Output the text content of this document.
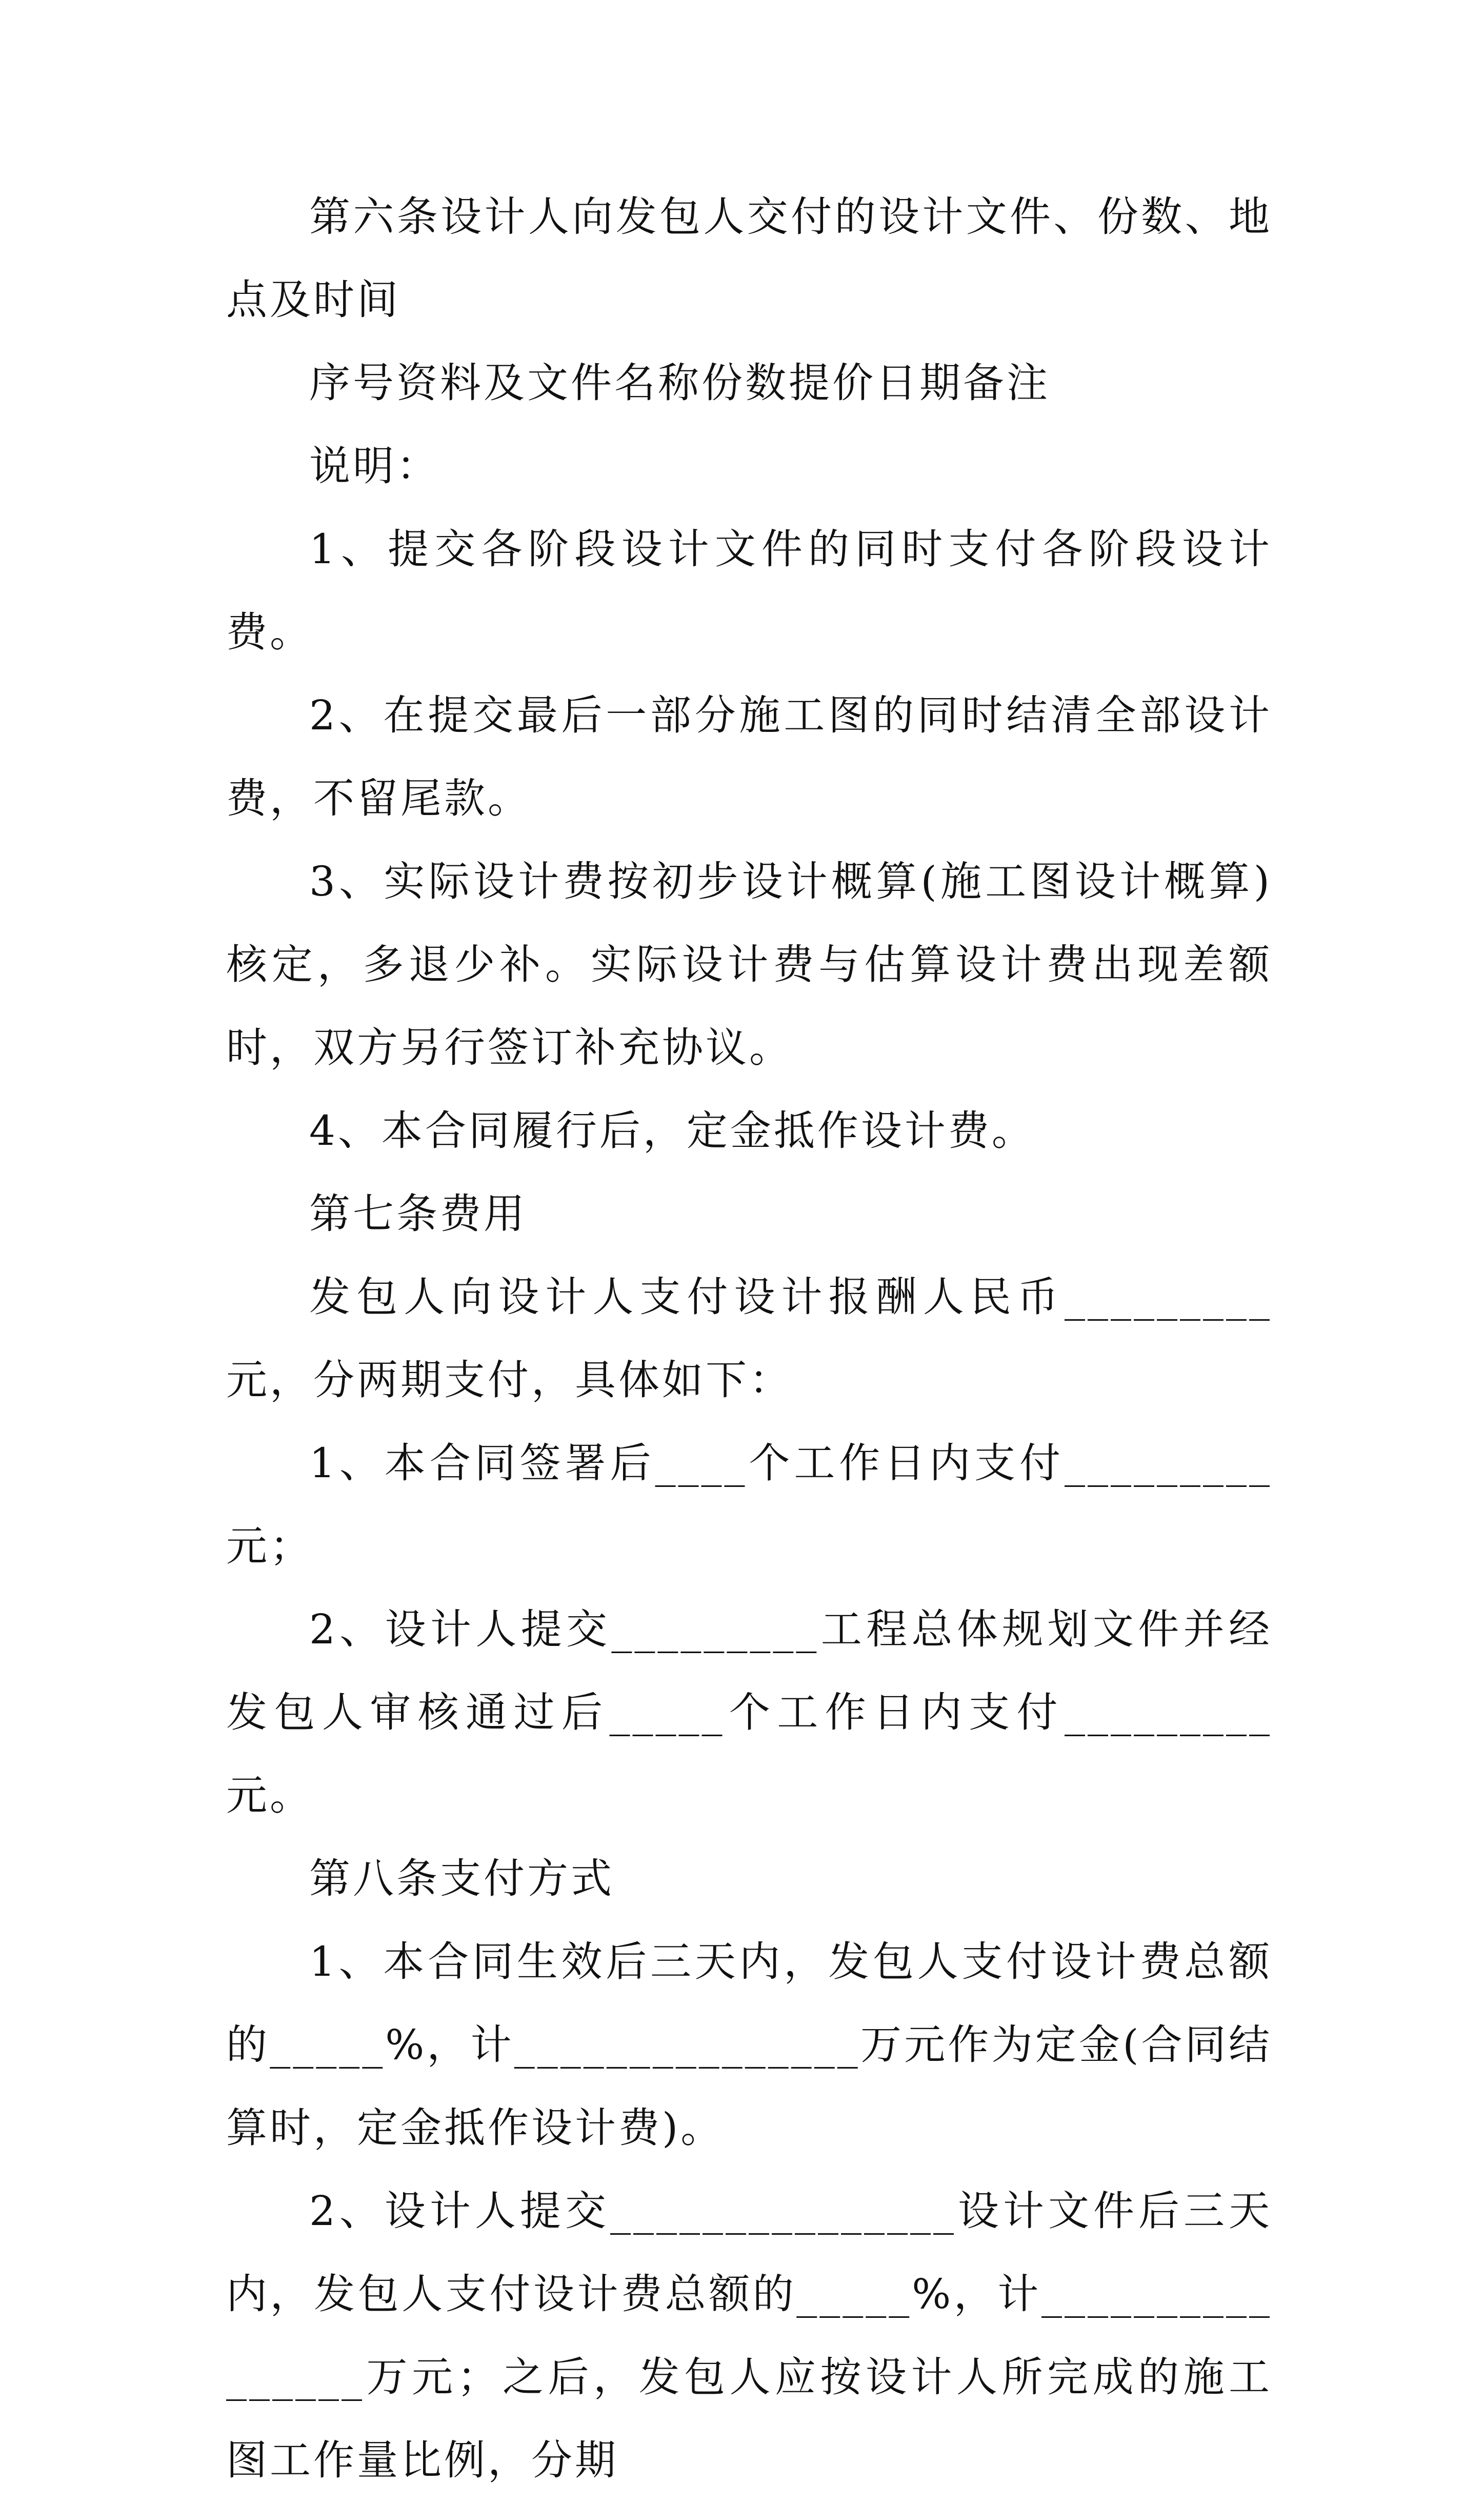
第六条设计人向发包人交付的设计文件、份数、地点及时间

序号资料及文件名称份数提价日期备注

说明：

1、提交各阶段设计文件的同时支付各阶段设计费。

2、在提交最后一部分施工图的同时结清全部设计费，不留尾款。

3、实际设计费按初步设计概算(施工图设计概算)核定，多退少补。实际设计费与估算设计费出现差额时，双方另行签订补充协议。

4、本合同履行后，定金抵作设计费。

第七条费用

发包人向设计人支付设计报酬人民币_________元，分两期支付，具体如下：

1、本合同签署后____个工作日内支付_________元；

2、设计人提交_________工程总体规划文件并经发包人审核通过后_____个工作日内支付_________元。

第八条支付方式

1、本合同生效后三天内，发包人支付设计费总额的_____%，计_______________万元作为定金(合同结算时，定金抵作设计费)。

2、设计人提交_______________设计文件后三天内，发包人支付设计费总额的_____%，计________________万元；之后，发包人应按设计人所完成的施工图工作量比例，分期
